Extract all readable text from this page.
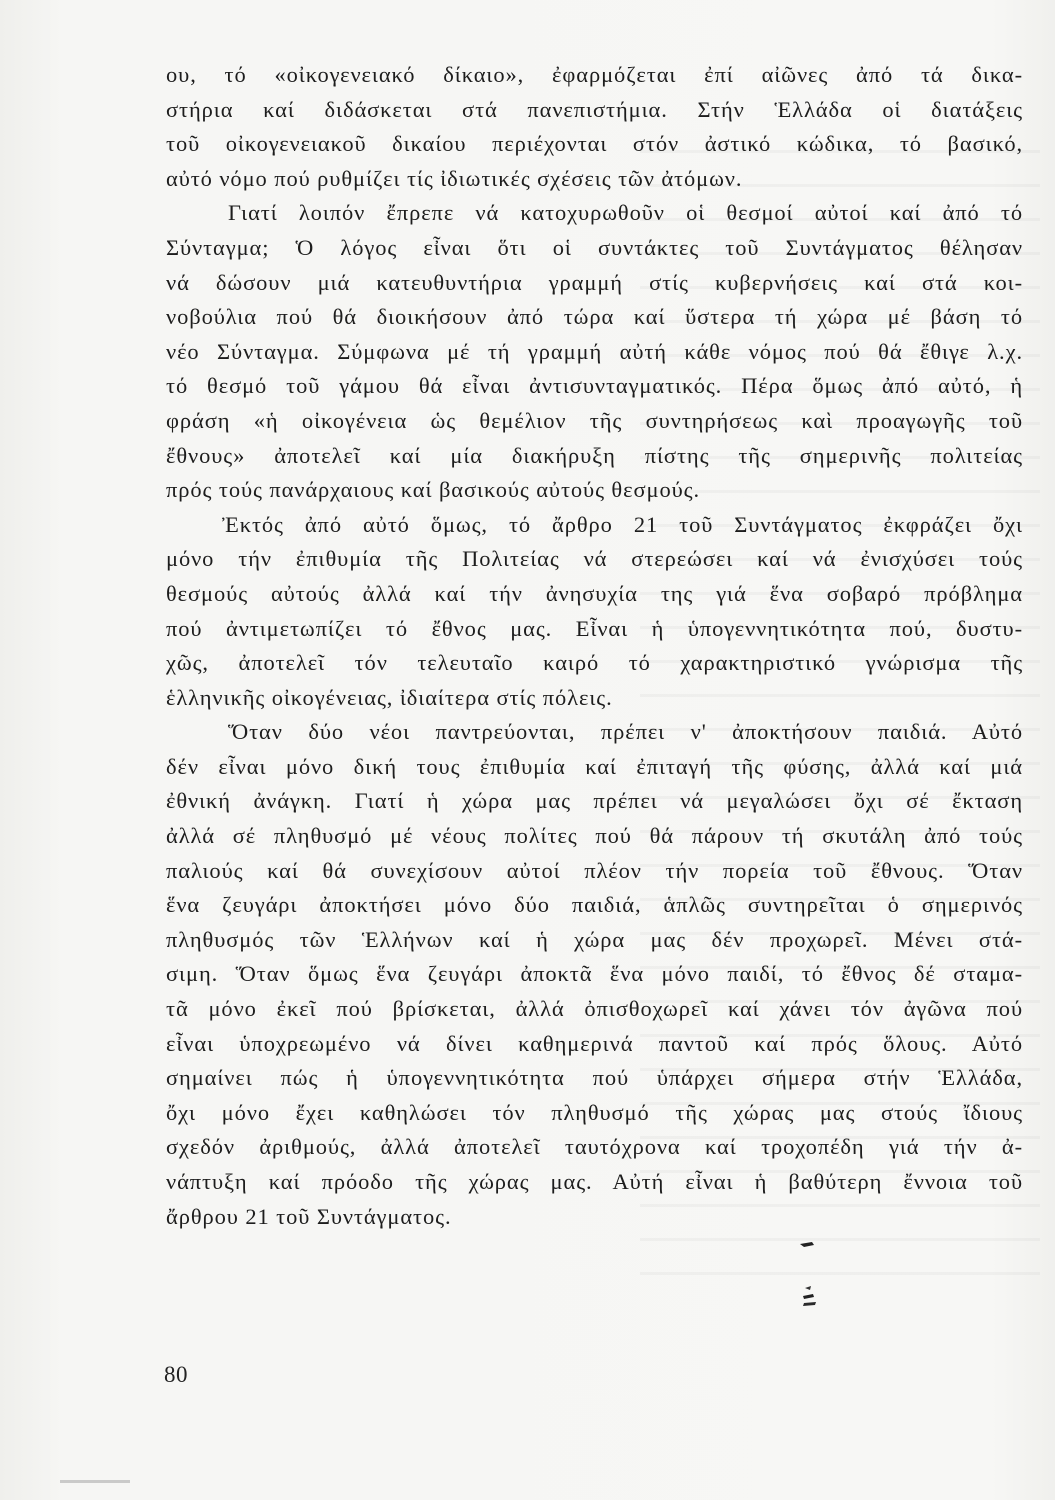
ου, τό «οἰκογενειακό δίκαιο», ἐφαρμόζεται ἐπί αἰῶνες ἀπό τά δικα-
στήρια καί διδάσκεται στά πανεπιστήμια. Στήν Ἑλλάδα οἱ διατάξεις
τοῦ οἰκογενειακοῦ δικαίου περιέχονται στόν ἀστικό κώδικα, τό βασικό,
αὐτό νόμο πού ρυθμίζει τίς ἰδιωτικές σχέσεις τῶν ἀτόμων.
Γιατί λοιπόν ἔπρεπε νά κατοχυρωθοῦν οἱ θεσμοί αὐτοί καί ἀπό τό
Σύνταγμα; Ὁ λόγος εἶναι ὅτι οἱ συντάκτες τοῦ Συντάγματος θέλησαν
νά δώσουν μιά κατευθυντήρια γραμμή στίς κυβερνήσεις καί στά κοι-
νοβούλια πού θά διοικήσουν ἀπό τώρα καί ὕστερα τή χώρα μέ βάση τό
νέο Σύνταγμα. Σύμφωνα μέ τή γραμμή αὐτή κάθε νόμος πού θά ἔθιγε λ.χ.
τό θεσμό τοῦ γάμου θά εἶναι ἀντισυνταγματικός. Πέρα ὅμως ἀπό αὐτό, ἡ
φράση «ἡ οἰκογένεια ὡς θεμέλιον τῆς συντηρήσεως καὶ προαγωγῆς τοῦ
ἔθνους» ἀποτελεῖ καί μία διακήρυξη πίστης τῆς σημερινῆς πολιτείας
πρός τούς πανάρχαιους καί βασικούς αὐτούς θεσμούς.
Ἐκτός ἀπό αὐτό ὅμως, τό ἄρθρο 21 τοῦ Συντάγματος ἐκφράζει ὄχι
μόνο τήν ἐπιθυμία τῆς Πολιτείας νά στερεώσει καί νά ἐνισχύσει τούς
θεσμούς αὐτούς ἀλλά καί τήν ἀνησυχία της γιά ἕνα σοβαρό πρόβλημα
πού ἀντιμετωπίζει τό ἔθνος μας. Εἶναι ἡ ὑπογεννητικότητα πού, δυστυ-
χῶς, ἀποτελεῖ τόν τελευταῖο καιρό τό χαρακτηριστικό γνώρισμα τῆς
ἑλληνικῆς οἰκογένειας, ἰδιαίτερα στίς πόλεις.
Ὅταν δύο νέοι παντρεύονται, πρέπει ν' ἀποκτήσουν παιδιά. Αὐτό
δέν εἶναι μόνο δική τους ἐπιθυμία καί ἐπιταγή τῆς φύσης, ἀλλά καί μιά
ἐθνική ἀνάγκη. Γιατί ἡ χώρα μας πρέπει νά μεγαλώσει ὄχι σέ ἔκταση
ἀλλά σέ πληθυσμό μέ νέους πολίτες πού θά πάρουν τή σκυτάλη ἀπό τούς
παλιούς καί θά συνεχίσουν αὐτοί πλέον τήν πορεία τοῦ ἔθνους. Ὅταν
ἕνα ζευγάρι ἀποκτήσει μόνο δύο παιδιά, ἁπλῶς συντηρεῖται ὁ σημερινός
πληθυσμός τῶν Ἑλλήνων καί ἡ χώρα μας δέν προχωρεῖ. Μένει στά-
σιμη. Ὅταν ὅμως ἕνα ζευγάρι ἀποκτᾶ ἕνα μόνο παιδί, τό ἔθνος δέ σταμα-
τᾶ μόνο ἐκεῖ πού βρίσκεται, ἀλλά ὀπισθοχωρεῖ καί χάνει τόν ἀγῶνα πού
εἶναι ὑποχρεωμένο νά δίνει καθημερινά παντοῦ καί πρός ὅλους. Αὐτό
σημαίνει πώς ἡ ὑπογεννητικότητα πού ὑπάρχει σήμερα στήν Ἑλλάδα,
ὄχι μόνο ἔχει καθηλώσει τόν πληθυσμό τῆς χώρας μας στούς ἴδιους
σχεδόν ἀριθμούς, ἀλλά ἀποτελεῖ ταυτόχρονα καί τροχοπέδη γιά τήν ἀ-
νάπτυξη καί πρόοδο τῆς χώρας μας. Αὐτή εἶναι ἡ βαθύτερη ἔννοια τοῦ
ἄρθρου 21 τοῦ Συντάγματος.
80
